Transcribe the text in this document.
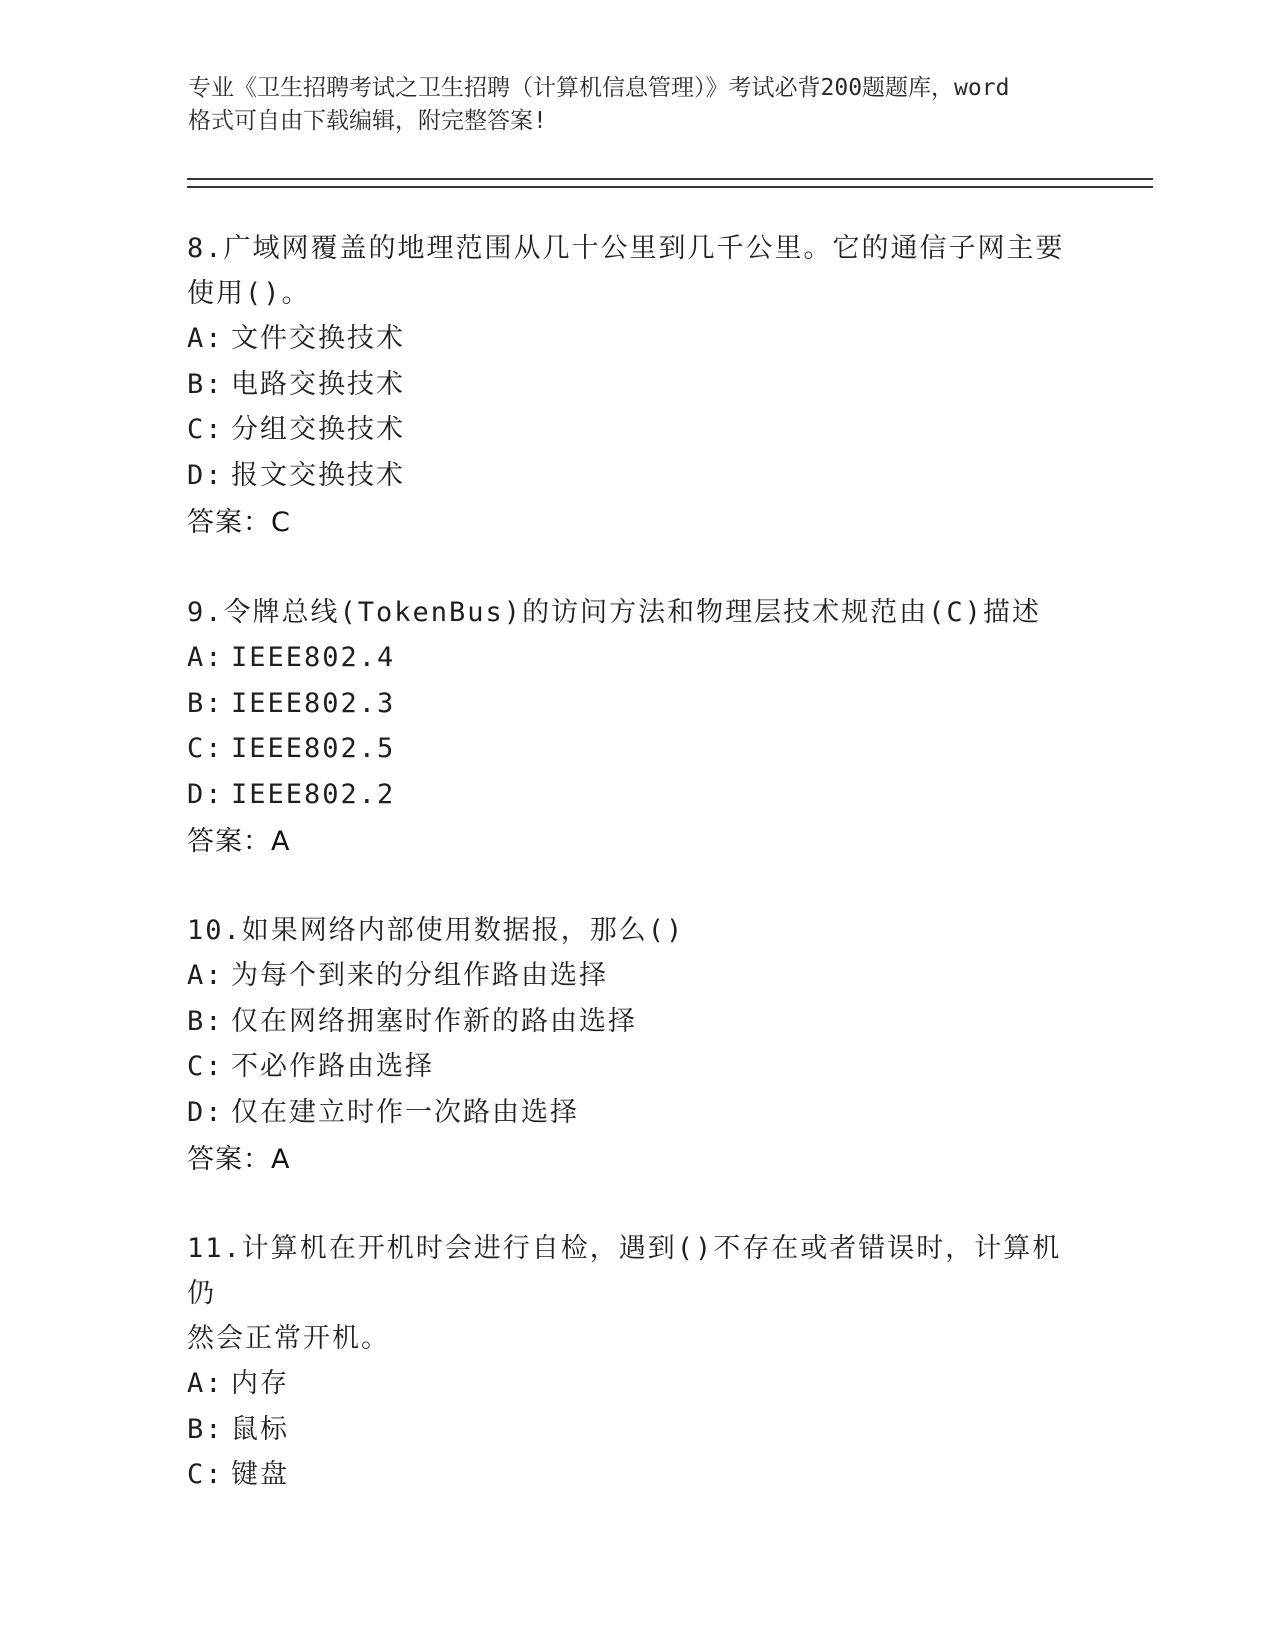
专业《卫生招聘考试之卫生招聘（计算机信息管理）》考试必背200题题库，word
格式可自由下载编辑，附完整答案!
8.广域网覆盖的地理范围从几十公里到几千公里。它的通信子网主要
使用()。
A: 文件交换技术
B: 电路交换技术
C: 分组交换技术
D: 报文交换技术
答案：C
9.令牌总线(TokenBus)的访问方法和物理层技术规范由(C)描述
A: IEEE802.4
B: IEEE802.3
C: IEEE802.5
D: IEEE802.2
答案：A
10.如果网络内部使用数据报，那么()
A: 为每个到来的分组作路由选择
B: 仅在网络拥塞时作新的路由选择
C: 不必作路由选择
D: 仅在建立时作一次路由选择
答案：A
11.计算机在开机时会进行自检，遇到()不存在或者错误时，计算机仍
然会正常开机。
A: 内存
B: 鼠标
C: 键盘
